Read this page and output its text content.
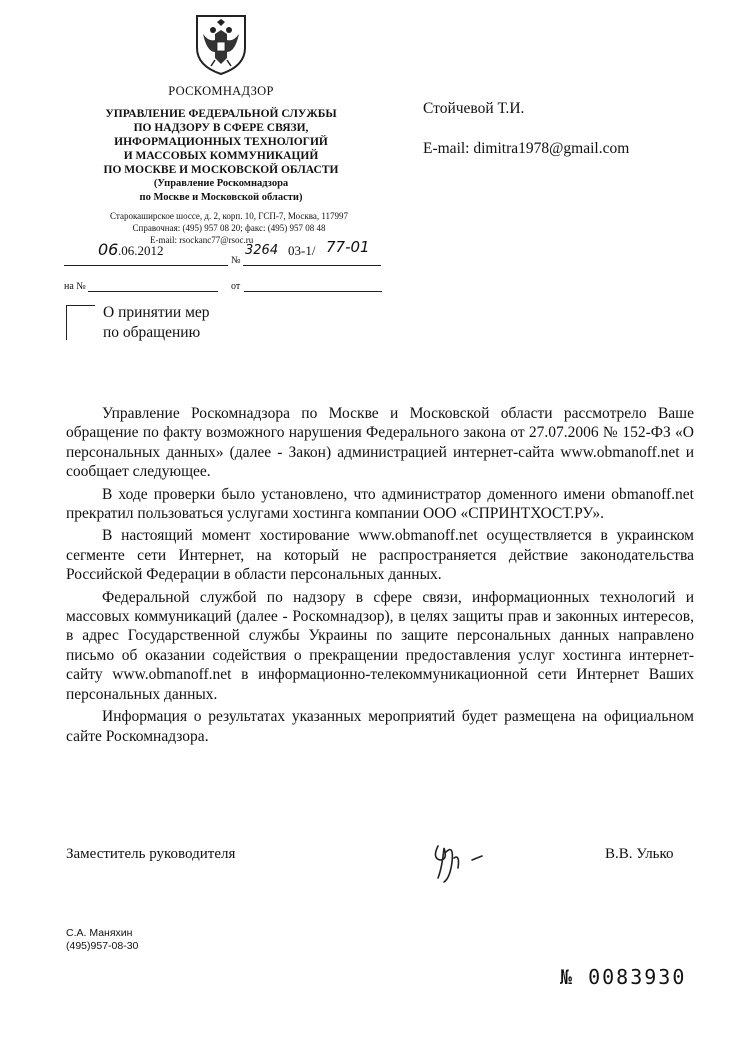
РОСКОМНАДЗОР
УПРАВЛЕНИЕ ФЕДЕРАЛЬНОЙ СЛУЖБЫ
ПО НАДЗОРУ В СФЕРЕ СВЯЗИ,
ИНФОРМАЦИОННЫХ ТЕХНОЛОГИЙ
И МАССОВЫХ КОММУНИКАЦИЙ
ПО МОСКВЕ И МОСКОВСКОЙ ОБЛАСТИ
(Управление Роскомнадзора
по Москве и Московской области)
Старокаширское шоссе, д. 2, корп. 10, ГСП-7, Москва, 117997
Справочная: (495) 957 08 20; факс: (495) 957 08 48
E-mail: rsockanc77@rsoc.ru
06 .06.2012
№
3264 03-1/ 77-01
на №	от
Стойчевой Т.И.
E-mail: dimitra1978@gmail.com
О принятии мер
по обращению

Управление Роскомнадзора по Москве и Московской области рассмотрело Ваше обращение по факту возможного нарушения Федерального закона от 27.07.2006 № 152-ФЗ «О персональных данных» (далее - Закон) администрацией интернет-сайта www.obmanoff.net и сообщает следующее.

В ходе проверки было установлено, что администратор доменного имени obmanoff.net прекратил пользоваться услугами хостинга компании ООО «СПРИНТХОСТ.РУ».

В настоящий момент хостирование www.obmanoff.net осуществляется в украинском сегменте сети Интернет, на который не распространяется действие законодательства Российской Федерации в области персональных данных.

Федеральной службой по надзору в сфере связи, информационных технологий и массовых коммуникаций (далее - Роскомнадзор), в целях защиты прав и законных интересов, в адрес Государственной службы Украины по защите персональных данных направлено письмо об оказании содействия о прекращении предоставления услуг хостинга интернет-сайту www.obmanoff.net в информационно-телекоммуникационной сети Интернет Ваших персональных данных.

Информация о результатах указанных мероприятий будет размещена на официальном сайте Роскомнадзора.

Заместитель руководителя	В.В. Улько
С.А. Маняхин
(495)957-08-30
№ 0083930
